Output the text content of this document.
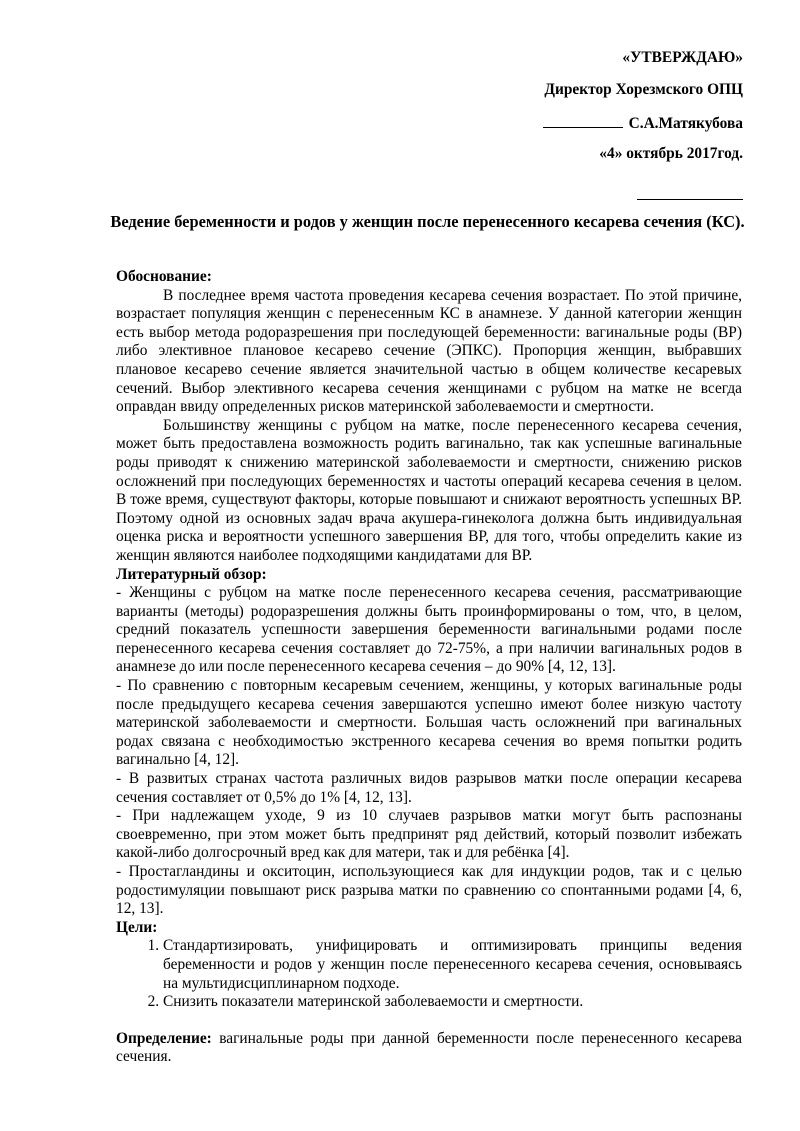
«УТВЕРЖДАЮ»
Директор Хорезмского ОПЦ
С.А.Матякубова
«4» октябрь 2017год.
Ведение беременности и родов у женщин после перенесенного кесарева сечения (КС).

Обоснование:

В последнее время частота проведения кесарева сечения возрастает. По этой причине, возрастает популяция женщин с перенесенным КС в анамнезе. У данной категории женщин есть выбор метода родоразрешения при последующей беременности: вагинальные роды (ВР) либо элективное плановое кесарево сечение (ЭПКС). Пропорция женщин, выбравших плановое кесарево сечение является значительной частью в общем количестве кесаревых сечений. Выбор элективного кесарева сечения женщинами с рубцом на матке не всегда оправдан ввиду определенных рисков материнской заболеваемости и смертности.

Большинству женщины с рубцом на матке, после перенесенного кесарева сечения, может быть предоставлена возможность родить вагинально, так как успешные вагинальные роды приводят к снижению материнской заболеваемости и смертности, снижению рисков осложнений при последующих беременностях и частоты операций кесарева сечения в целом. В тоже время, существуют факторы, которые повышают и снижают вероятность успешных ВР. Поэтому одной из основных задач врача акушера-гинеколога должна быть индивидуальная оценка риска и вероятности успешного завершения ВР, для того, чтобы определить какие из женщин являются наиболее подходящими кандидатами для ВР.

Литературный обзор:

- Женщины с рубцом на матке после перенесенного кесарева сечения, рассматривающие варианты (методы) родоразрешения должны быть проинформированы о том, что, в целом, средний показатель успешности завершения беременности вагинальными родами после перенесенного кесарева сечения составляет до 72-75%, а при наличии вагинальных родов в анамнезе до или после перенесенного кесарева сечения – до 90% [4, 12, 13].

- По сравнению с повторным кесаревым сечением, женщины, у которых вагинальные роды после предыдущего кесарева сечения завершаются успешно имеют более низкую частоту материнской заболеваемости и смертности. Большая часть осложнений при вагинальных родах связана с необходимостью экстренного кесарева сечения во время попытки родить вагинально [4, 12].

- В развитых странах частота различных видов разрывов матки после операции кесарева сечения составляет от 0,5% до 1% [4, 12, 13].

- При надлежащем уходе, 9 из 10 случаев разрывов матки могут быть распознаны своевременно, при этом может быть предпринят ряд действий, который позволит избежать какой-либо долгосрочный вред как для матери, так и для ребёнка [4].

- Простагландины и окситоцин, использующиеся как для индукции родов, так и с целью родостимуляции повышают риск разрыва матки по сравнению со спонтанными родами [4, 6, 12, 13].

Цели:

1. Стандартизировать, унифицировать и оптимизировать принципы ведения беременности и родов у женщин после перенесенного кесарева сечения, основываясь на мультидисциплинарном подходе.
2. Снизить показатели материнской заболеваемости и смертности.

Определение: вагинальные роды при данной беременности после перенесенного кесарева сечения.
